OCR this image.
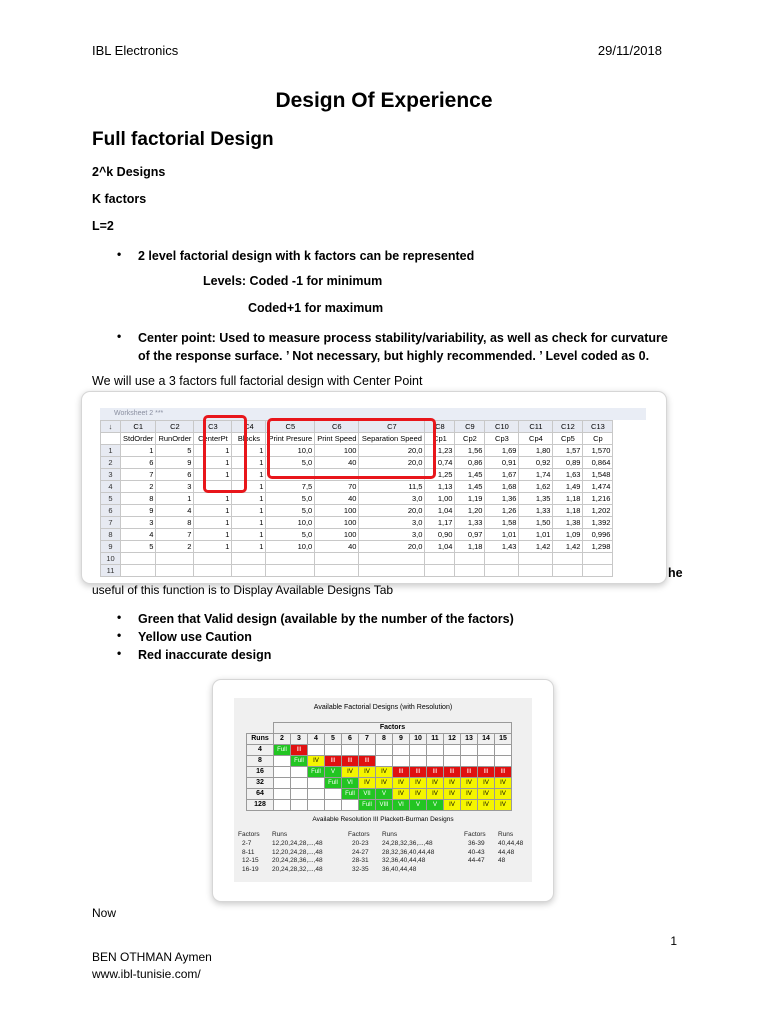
IBL Electronics	29/11/2018
Design Of Experience
Full factorial Design
2^k Designs
K factors
L=2
• 2 level factorial design with k factors can be represented
Levels: Coded -1 for minimum
Coded+1 for maximum
• Center point: Used to measure process stability/variability, as well as check for curvature of the response surface. ’ Not necessary, but highly recommended. ’ Level coded as 0.
We will use a 3 factors full factorial design with Center Point
Worksheet 2 ***
↓	C1	C2	C3	C4	C5	C6	C7	C8	C9	C10	C11	C12	C13
	StdOrder	RunOrder	CenterPt	Blocks	Print Presure	Print Speed	Separation Speed	Cp1	Cp2	Cp3	Cp4	Cp5	Cp
1	1	5	1	1	10,0	100	20,0	1,23	1,56	1,69	1,80	1,57	1,570
2	6	9	1	1	5,0	40	20,0	0,74	0,86	0,91	0,92	0,89	0,864
3	7	6	1	1				1,25	1,45	1,67	1,74	1,63	1,548
4	2	3		1	7,5	70	11,5	1,13	1,45	1,68	1,62	1,49	1,474
5	8	1	1	1	5,0	40	3,0	1,00	1,19	1,36	1,35	1,18	1,216
6	9	4	1	1	5,0	100	20,0	1,04	1,20	1,26	1,33	1,18	1,202
7	3	8	1	1	10,0	100	3,0	1,17	1,33	1,58	1,50	1,38	1,392
8	4	7	1	1	5,0	100	3,0	0,90	0,97	1,01	1,01	1,09	0,996
9	5	2	1	1	10,0	40	20,0	1,04	1,18	1,43	1,42	1,42	1,298
10													
11														he
useful of this function is to Display Available Designs Tab
• Green that Valid design (available by the number of the factors)
• Yellow use Caution
• Red inaccurate design
Available Factorial Designs (with Resolution)
	Factors													
Runs	2	3	4	5	6	7	8	9	10	11	12	13	14	15
4	Full	III												
8		Full	IV	III	III	III								
16			Full	V	IV	IV	IV	III	III	III	III	III	III	III
32				Full	VI	IV	IV	IV	IV	IV	IV	IV	IV	IV
64					Full	VII	V	IV	IV	IV	IV	IV	IV	IV
128						Full	VIII	VI	V	V	IV	IV	IV	IV
Available Resolution III Plackett-Burman Designs
Factors Runs
2-7	12,20,24,28,...,48
8-11	12,20,24,28,...,48
12-15 20,24,28,36,...,48
16-19 20,24,28,32,...,48
Factors Runs
20-23 24,28,32,36,...,48
24-27 28,32,36,40,44,48
28-31 32,36,40,44,48
32-35 36,40,44,48
Factors Runs
36-39 40,44,48
40-43 44,48
44-47 48
Now
1
BEN OTHMAN Aymen
www.ibl-tunisie.com/
